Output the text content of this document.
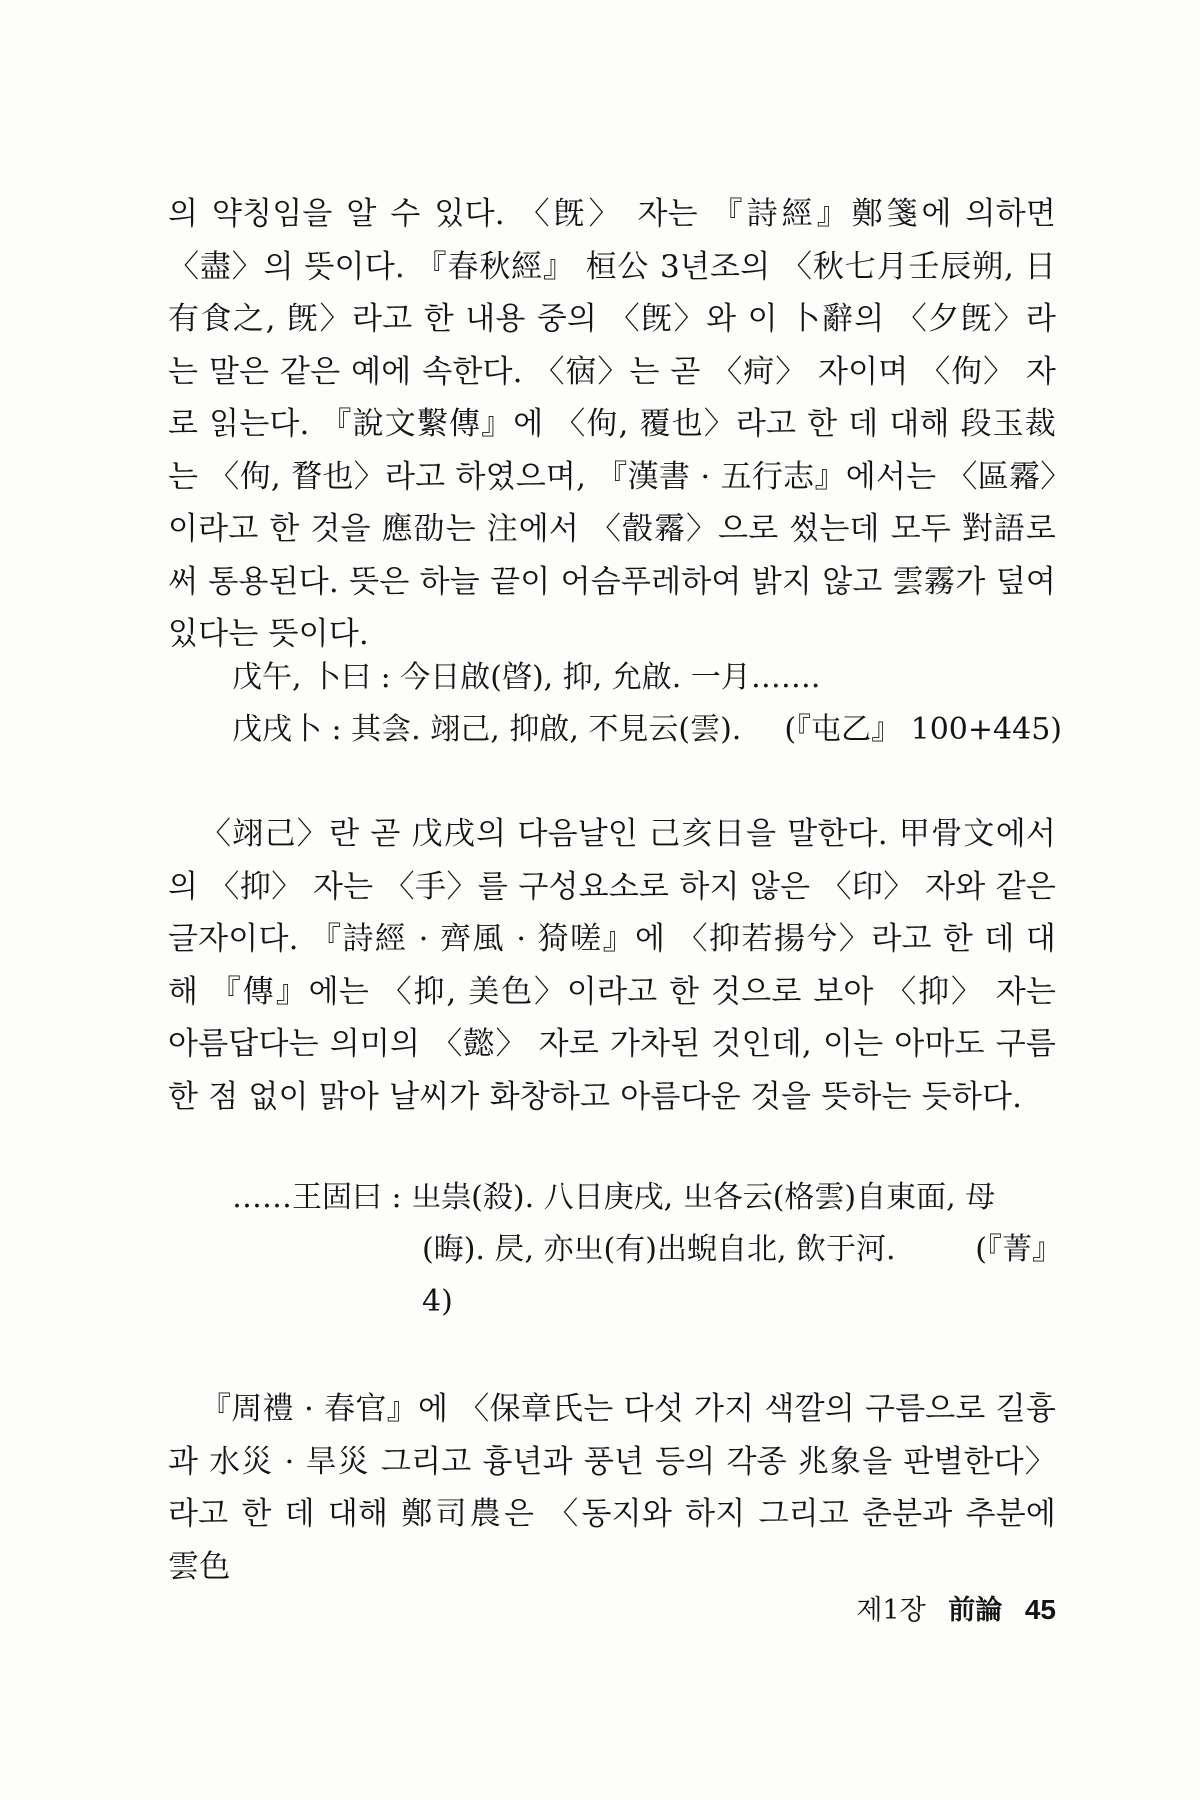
의 약칭임을 알 수 있다. 〈旣〉 자는 『詩經』鄭箋에 의하면 〈盡〉의 뜻이다. 『春秋經』 桓公 3년조의 〈秋七月壬辰朔, 日有食之, 旣〉라고 한 내용 중의 〈旣〉와 이 卜辭의 〈夕旣〉라는 말은 같은 예에 속한다. 〈㝛〉는 곧 〈疴〉 자이며 〈佝〉 자로 읽는다. 『說文繫傳』에 〈佝, 覆也〉라고 한 데 대해 段玉裁는 〈佝, 瞀也〉라고 하였으며, 『漢書 · 五行志』에서는 〈區霿〉이라고 한 것을 應劭는 注에서 〈瞉霿〉으로 썼는데 모두 對語로써 통용된다. 뜻은 하늘 끝이 어슴푸레하여 밝지 않고 雲霧가 덮여 있다는 뜻이다.

戊午, 卜曰 : 今日啟(晵), 抑, 允啟. 一月…….
戊戌卜 : 其侌. 翊己, 抑啟, 不見云(雲). (『屯乙』 100+445)

〈翊己〉란 곧 戊戌의 다음날인 己亥日을 말한다. 甲骨文에서의 〈抑〉 자는 〈手〉를 구성요소로 하지 않은 〈印〉 자와 같은 글자이다. 『詩經 · 齊風 · 猗嗟』에 〈抑若揚兮〉라고 한 데 대해 『傳』에는 〈抑, 美色〉이라고 한 것으로 보아 〈抑〉 자는 아름답다는 의미의 〈懿〉 자로 가차된 것인데, 이는 아마도 구름 한 점 없이 맑아 날씨가 화창하고 아름다운 것을 뜻하는 듯하다.

……王固曰 : 㞢祟(殺). 八日庚戌, 㞢各云(格雲)自東面, 母
(晦). 昃, 亦㞢(有)出蜺自北, 飲于河.	(『菁』
4)

『周禮 · 春官』에 〈保章氏는 다섯 가지 색깔의 구름으로 길흉과 水災 · 旱災 그리고 흉년과 풍년 등의 각종 兆象을 판별한다〉라고 한 데 대해 鄭司農은 〈동지와 하지 그리고 춘분과 추분에 雲色

제1장 前論 45
